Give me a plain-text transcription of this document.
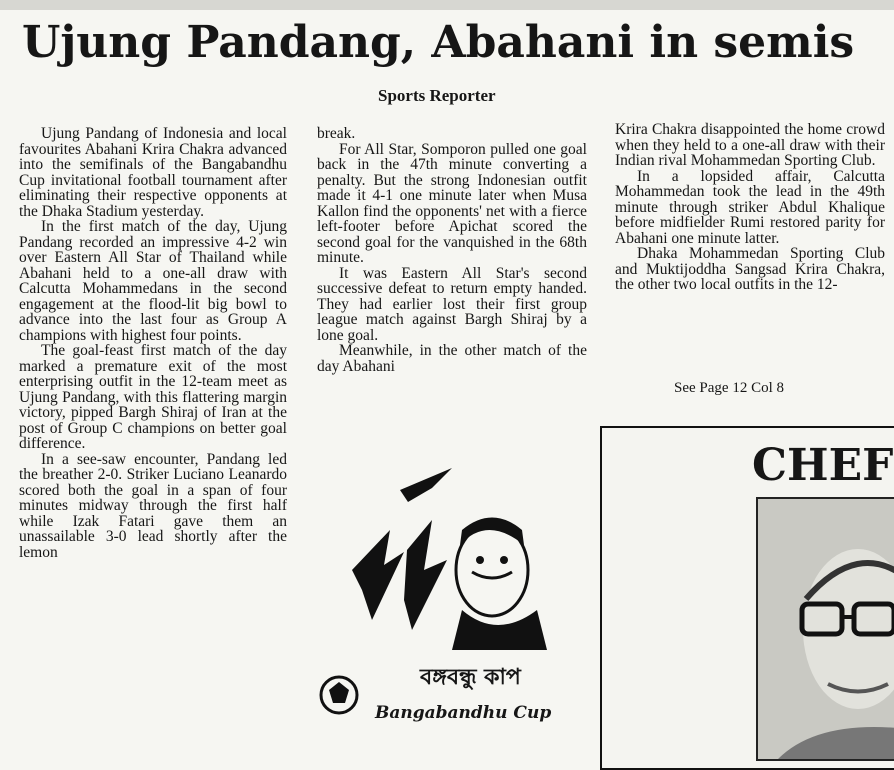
Ujung Pandang, Abahani in semis
Sports Reporter

Ujung Pandang of Indonesia and local favourites Abahani Krira Chakra advanced into the semifinals of the Bangabandhu Cup invitational football tournament after eliminating their respective opponents at the Dhaka Stadium yesterday.

In the first match of the day, Ujung Pandang recorded an impressive 4-2 win over Eastern All Star of Thailand while Abahani held to a one-all draw with Calcutta Mohammedans in the second engagement at the flood-lit big bowl to advance into the last four as Group A champions with highest four points.

The goal-feast first match of the day marked a premature exit of the most enterprising outfit in the 12-team meet as Ujung Pandang, with this flattering margin victory, pipped Bargh Shiraj of Iran at the post of Group C champions on better goal difference.

In a see-saw encounter, Pandang led the breather 2-0. Striker Luciano Leanardo scored both the goal in a span of four minutes midway through the first half while Izak Fatari gave them an unassailable 3-0 lead shortly after the lemon

break.

For All Star, Somporon pulled one goal back in the 47th minute converting a penalty. But the strong Indonesian outfit made it 4-1 one minute later when Musa Kallon find the opponents' net with a fierce left-footer before Apichat scored the second goal for the vanquished in the 68th minute.

It was Eastern All Star's second successive defeat to return empty handed. They had earlier lost their first group league match against Bargh Shiraj by a lone goal.

Meanwhile, in the other match of the day Abahani

Krira Chakra disappointed the home crowd when they held to a one-all draw with their Indian rival Mohammedan Sporting Club.

In a lopsided affair, Calcutta Mohammedan took the lead in the 49th minute through striker Abdul Khalique before midfielder Rumi restored parity for Abahani one minute latter.

Dhaka Mohammedan Sporting Club and Muktijoddha Sangsad Krira Chakra, the other two local outfits in the 12-

See Page 12 Col 8
CHEF
বঙ্গবন্ধু কাপ
Bangabandhu Cup
